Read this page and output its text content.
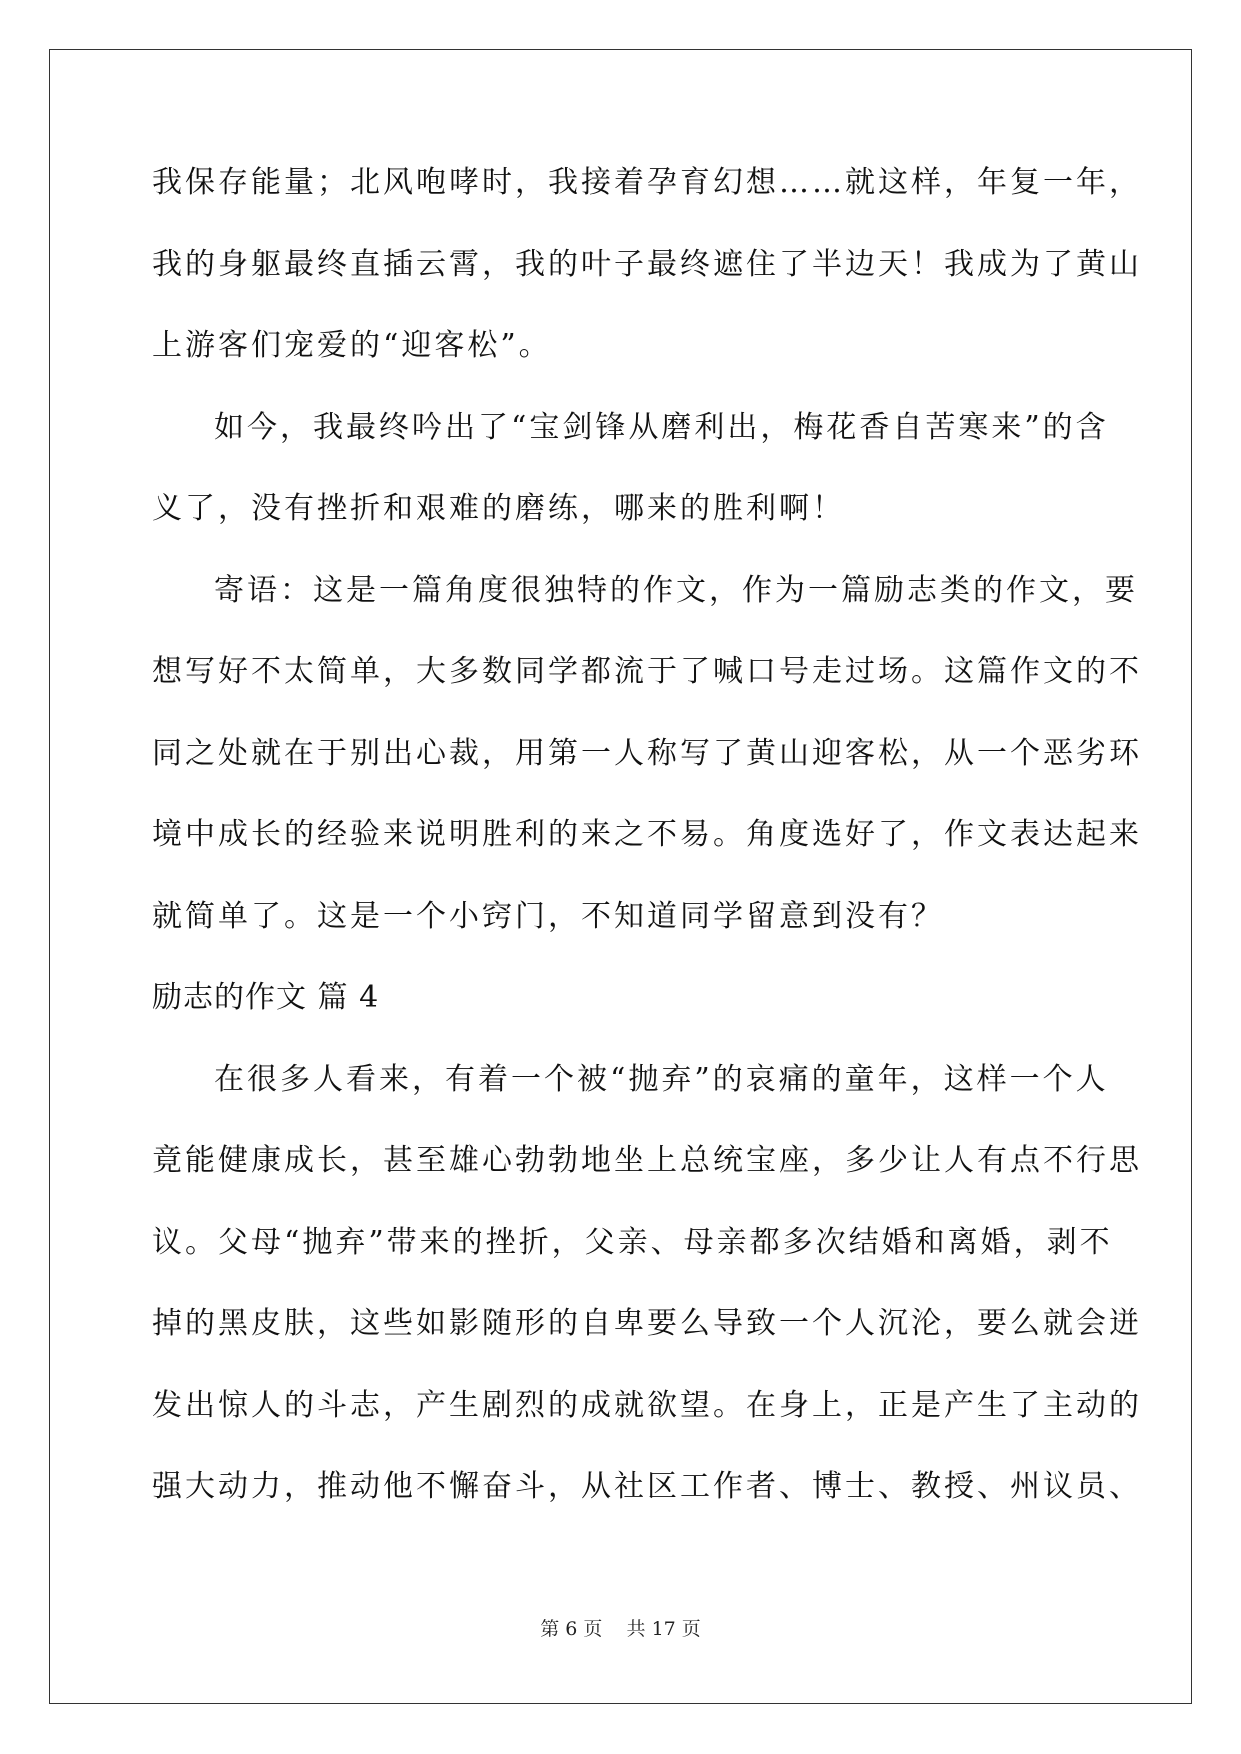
我保存能量；北风咆哮时，我接着孕育幻想……就这样，年复一年，
我的身躯最终直插云霄，我的叶子最终遮住了半边天！我成为了黄山
上游客们宠爱的“迎客松”。
如今，我最终吟出了“宝剑锋从磨利出，梅花香自苦寒来”的含
义了，没有挫折和艰难的磨练，哪来的胜利啊！
寄语：这是一篇角度很独特的作文，作为一篇励志类的作文，要
想写好不太简单，大多数同学都流于了喊口号走过场。这篇作文的不
同之处就在于别出心裁，用第一人称写了黄山迎客松，从一个恶劣环
境中成长的经验来说明胜利的来之不易。角度选好了，作文表达起来
就简单了。这是一个小窍门，不知道同学留意到没有？
励志的作文 篇 4
在很多人看来，有着一个被“抛弃”的哀痛的童年，这样一个人
竟能健康成长，甚至雄心勃勃地坐上总统宝座，多少让人有点不行思
议。父母“抛弃”带来的挫折，父亲、母亲都多次结婚和离婚，剥不
掉的黑皮肤，这些如影随形的自卑要么导致一个人沉沦，要么就会迸
发出惊人的斗志，产生剧烈的成就欲望。在身上，正是产生了主动的
强大动力，推动他不懈奋斗，从社区工作者、博士、教授、州议员、
第 6 页    共 17 页
